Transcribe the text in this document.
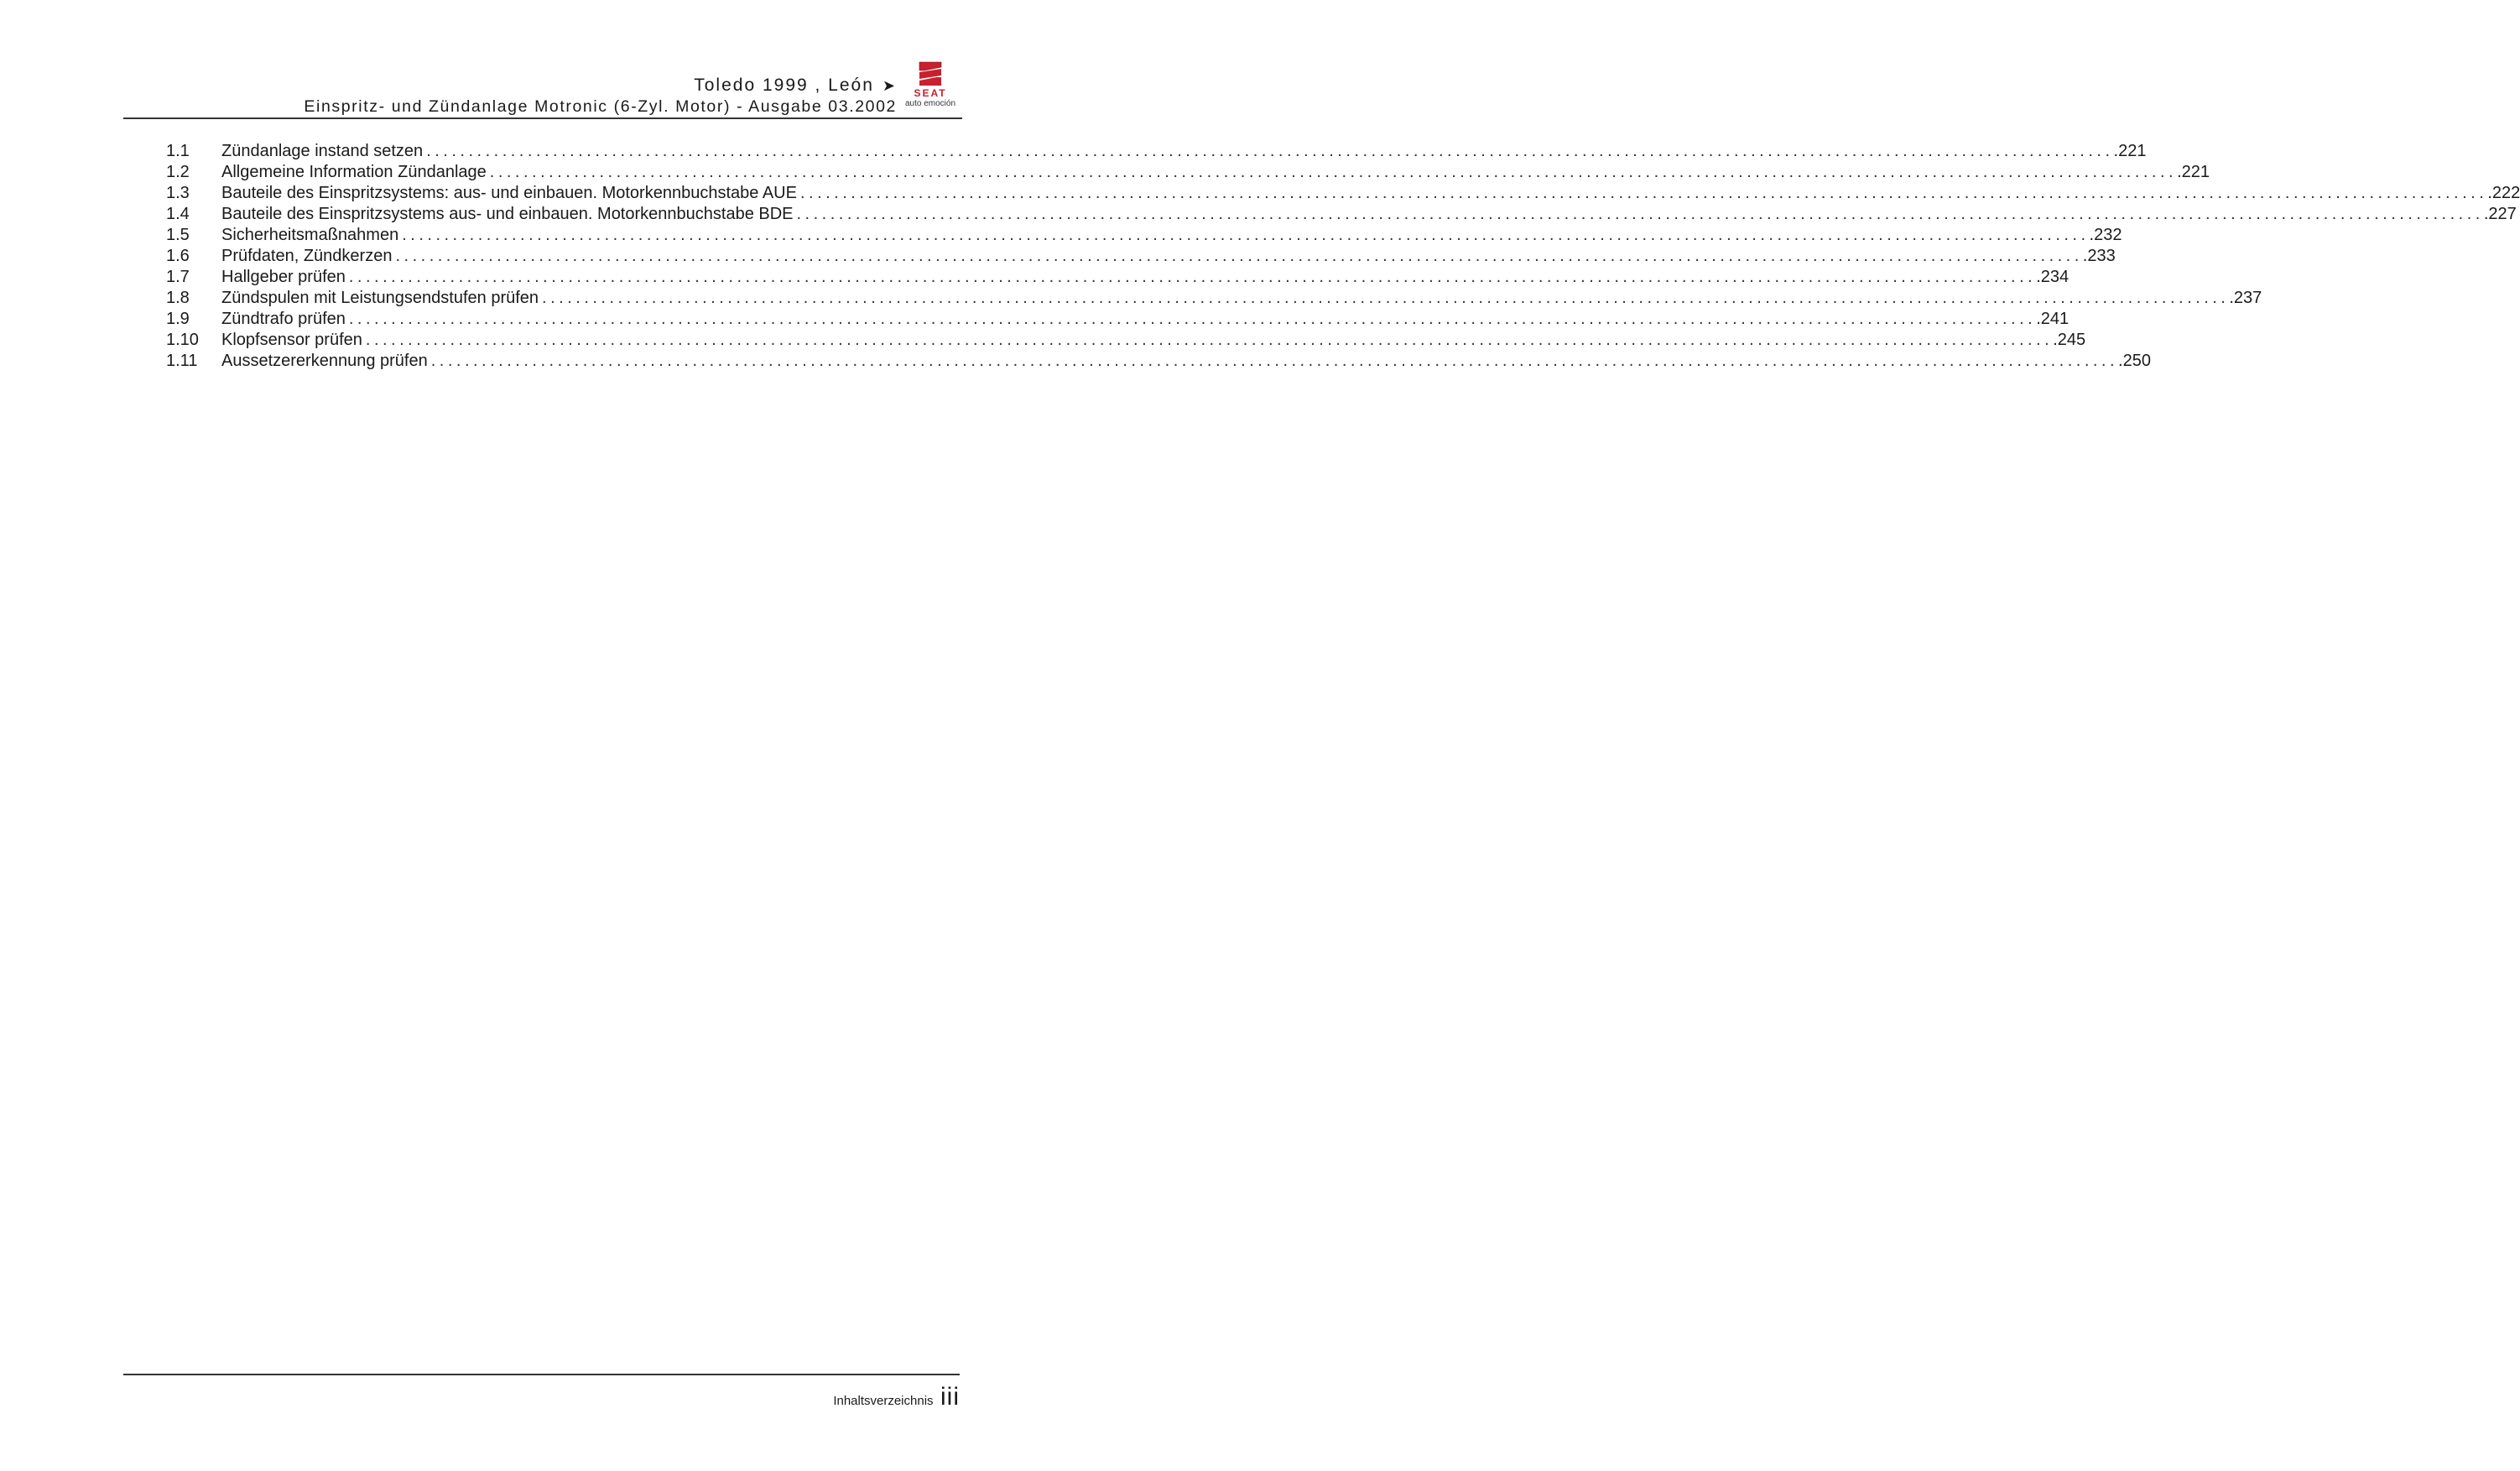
Toledo 1999 , León ➤
Einspritz- und Zündanlage Motronic (6-Zyl. Motor) - Ausgabe 03.2002
SEAT
auto emoción
1.1	Zündanlage instand setzen ........................................................................................................................................................................................................ .221
1.2	Allgemeine Information Zündanlage ........................................................................................................................................................................................................ .221
1.3	Bauteile des Einspritzsystems: aus- und einbauen. Motorkennbuchstabe AUE ........................................................................................................................................................................................................ .222
1.4	Bauteile des Einspritzsystems aus- und einbauen. Motorkennbuchstabe BDE ........................................................................................................................................................................................................ .227
1.5	Sicherheitsmaßnahmen ........................................................................................................................................................................................................ .232
1.6	Prüfdaten, Zündkerzen ........................................................................................................................................................................................................ .233
1.7	Hallgeber prüfen ........................................................................................................................................................................................................ .234
1.8	Zündspulen mit Leistungsendstufen prüfen ........................................................................................................................................................................................................ .237
1.9	Zündtrafo prüfen ........................................................................................................................................................................................................ .241
1.10	Klopfsensor prüfen ........................................................................................................................................................................................................ .245
1.11	Aussetzererkennung prüfen ........................................................................................................................................................................................................ .250
Inhaltsverzeichnis iii
